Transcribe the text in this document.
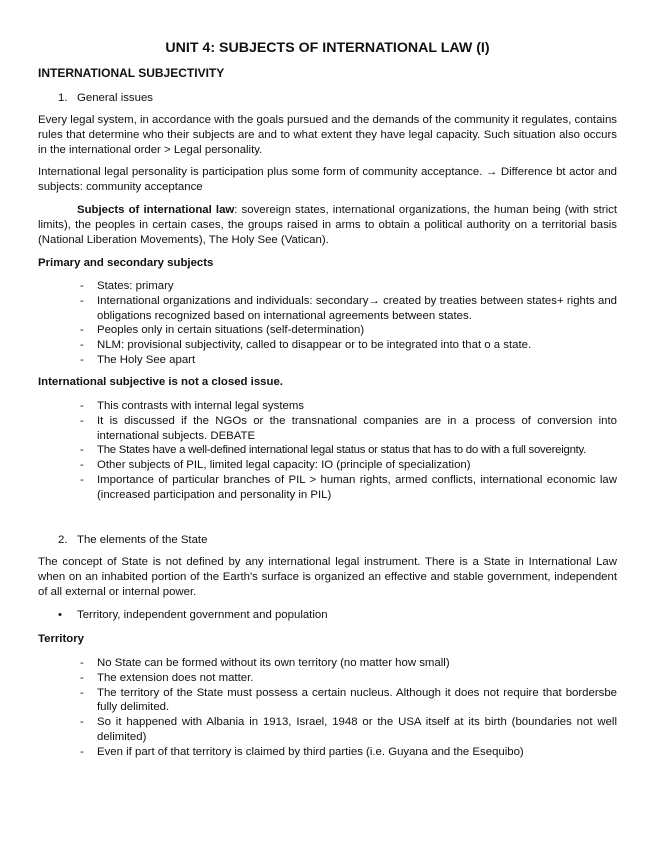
UNIT 4: SUBJECTS OF INTERNATIONAL LAW (I)
INTERNATIONAL SUBJECTIVITY
1. General issues
Every legal system, in accordance with the goals pursued and the demands of the community it regulates, contains rules that determine who their subjects are and to what extent they have legal capacity. Such situation also occurs in the international order > Legal personality.
International legal personality is participation plus some form of community acceptance. → Difference bt actor and subjects: community acceptance
Subjects of international law: sovereign states, international organizations, the human being (with strict limits), the peoples in certain cases, the groups raised in arms to obtain a political authority on a territorial basis (National Liberation Movements), The Holy See (Vatican).
Primary and secondary subjects
- States: primary
- International organizations and individuals: secondary→ created by treaties between states+ rights and obligations recognized based on international agreements between states.
- Peoples only in certain situations (self-determination)
- NLM: provisional subjectivity, called to disappear or to be integrated into that o a state.
- The Holy See apart
International subjective is not a closed issue.
- This contrasts with internal legal systems
- It is discussed if the NGOs or the transnational companies are in a process of conversion into international subjects. DEBATE
- The States have a well-defined international legal status or status that has to do with a full sovereignty.
- Other subjects of PIL, limited legal capacity: IO (principle of specialization)
- Importance of particular branches of PIL > human rights, armed conflicts, international economic law (increased participation and personality in PIL)
2. The elements of the State
The concept of State is not defined by any international legal instrument. There is a State in International Law when on an inhabited portion of the Earth's surface is organized an effective and stable government, independent of all external or internal power.
• Territory, independent government and population
Territory
- No State can be formed without its own territory (no matter how small)
- The extension does not matter.
- The territory of the State must possess a certain nucleus. Although it does not require that bordersbe fully delimited.
- So it happened with Albania in 1913, Israel, 1948 or the USA itself at its birth (boundaries not well delimited)
- Even if part of that territory is claimed by third parties (i.e. Guyana and the Esequibo)
